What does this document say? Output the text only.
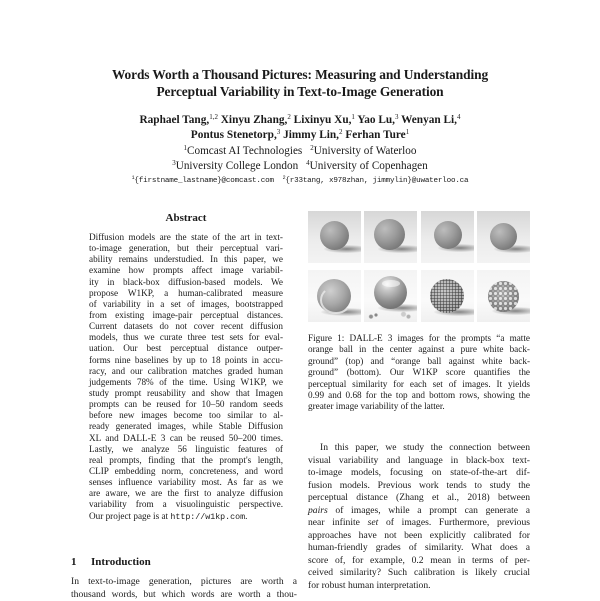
Words Worth a Thousand Pictures: Measuring and Understanding
Perceptual Variability in Text-to-Image Generation
Raphael Tang,$^{1,2}$ Xinyu Zhang,$^2$ Lixinyu Xu,$^1$ Yao Lu,$^3$ Wenyan Li,$^4$
Pontus Stenetorp,$^3$ Jimmy Lin,$^2$ Ferhan Ture$^1$
$^1$Comcast AI Technologies $^2$University of Waterloo
$^3$University College London $^4$University of Copenhagen
$^1${firstname_lastname}@comcast.com $^2${r33tang, x978zhan, jimmylin}@uwaterloo.ca
Abstract
Diffusion models are the state of the art in text-
to-image generation, but their perceptual vari-
ability remains understudied. In this paper, we
examine how prompts affect image variabil-
ity in black-box diffusion-based models. We
propose W1KP, a human-calibrated measure
of variability in a set of images, bootstrapped
from existing image-pair perceptual distances.
Current datasets do not cover recent diffusion
models, thus we curate three test sets for eval-
uation. Our best perceptual distance outper-
forms nine baselines by up to 18 points in accu-
racy, and our calibration matches graded human
judgements 78% of the time. Using W1KP, we
study prompt reusability and show that Imagen
prompts can be reused for 10–50 random seeds
before new images become too similar to al-
ready generated images, while Stable Diffusion
XL and DALL-E 3 can be reused 50–200 times.
Lastly, we analyze 56 linguistic features of
real prompts, finding that the prompt's length,
CLIP embedding norm, concreteness, and word
senses influence variability most. As far as we
are aware, we are the first to analyze diffusion
variability from a visuolinguistic perspective.
Our project page is at http://w1kp.com.
1 Introduction
In text-to-image generation, pictures are worth a
thousand words, but which words are worth a thou-
Figure 1: DALL-E 3 images for the prompts “a matte
orange ball in the center against a pure white back-
ground” (top) and “orange ball against white back-
ground” (bottom). Our W1KP score quantifies the
perceptual similarity for each set of images. It yields
0.99 and 0.68 for the top and bottom rows, showing the
greater image variability of the latter.
In this paper, we study the connection between
visual variability and language in black-box text-
to-image models, focusing on state-of-the-art dif-
fusion models. Previous work tends to study the
perceptual distance (Zhang et al., 2018) between
pairs of images, while a prompt can generate a
near infinite set of images. Furthermore, previous
approaches have not been explicitly calibrated for
human-friendly grades of similarity. What does a
score of, for example, 0.2 mean in terms of per-
ceived similarity? Such calibration is likely crucial
for robust human interpretation.
